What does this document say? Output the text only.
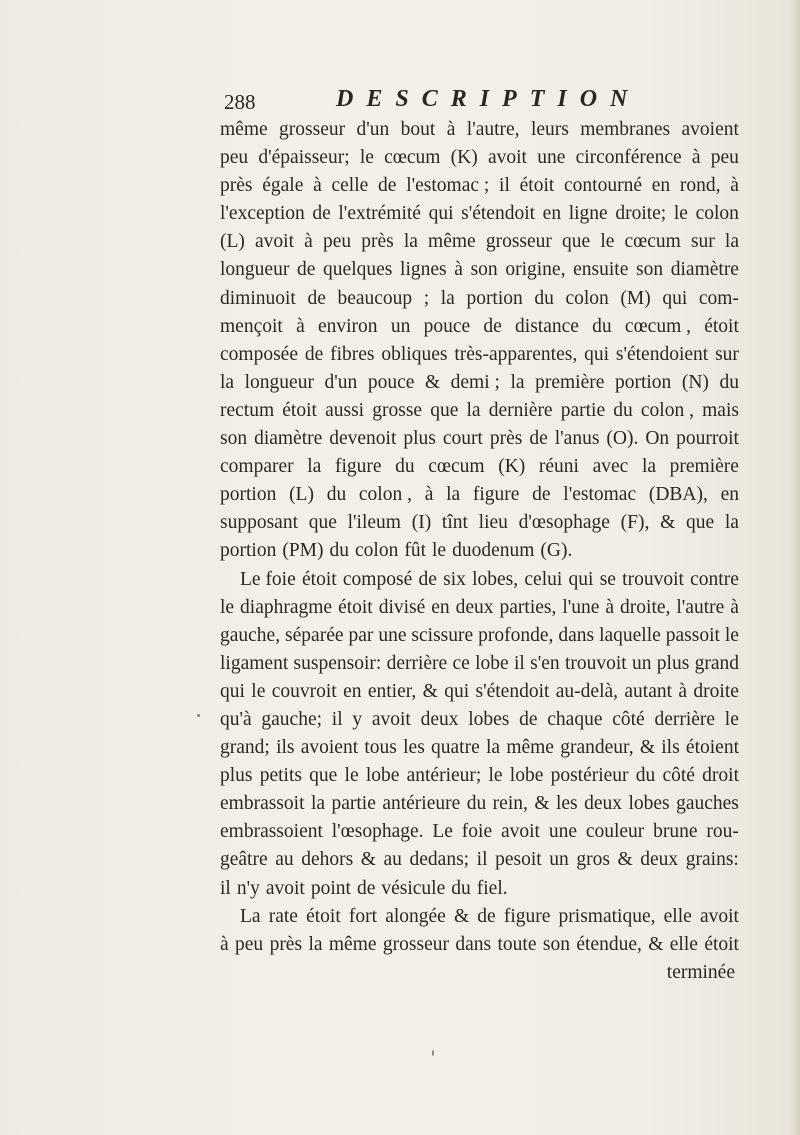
288	DESCRIPTION
même grosseur d'un bout à l'autre, leurs membranes avoient
peu d'épaisseur; le cœcum (K) avoit une circonférence à peu
près égale à celle de l'estomac ; il étoit contourné en rond, à
l'exception de l'extrémité qui s'étendoit en ligne droite; le colon
(L) avoit à peu près la même grosseur que le cœcum sur la
longueur de quelques lignes à son origine, ensuite son diamètre
diminuoit de beaucoup ; la portion du colon (M) qui com-
mençoit à environ un pouce de distance du cœcum , étoit
composée de fibres obliques très-apparentes, qui s'étendoient sur
la longueur d'un pouce & demi ; la première portion (N) du
rectum étoit aussi grosse que la dernière partie du colon , mais
son diamètre devenoit plus court près de l'anus (O). On pourroit
comparer la figure du cœcum (K) réuni avec la première
portion (L) du colon , à la figure de l'estomac (DBA), en
supposant que l'ileum (I) tînt lieu d'œsophage (F), & que la
portion (PM) du colon fût le duodenum (G).
Le foie étoit composé de six lobes, celui qui se trouvoit contre
le diaphragme étoit divisé en deux parties, l'une à droite, l'autre à
gauche, séparée par une scissure profonde, dans laquelle passoit le
ligament suspensoir: derrière ce lobe il s'en trouvoit un plus grand
qui le couvroit en entier, & qui s'étendoit au-delà, autant à droite
qu'à gauche; il y avoit deux lobes de chaque côté derrière le
grand; ils avoient tous les quatre la même grandeur, & ils étoient
plus petits que le lobe antérieur; le lobe postérieur du côté droit
embrassoit la partie antérieure du rein, & les deux lobes gauches
embrassoient l'œsophage. Le foie avoit une couleur brune rou-
geâtre au dehors & au dedans; il pesoit un gros & deux grains:
il n'y avoit point de vésicule du fiel.
La rate étoit fort alongée & de figure prismatique, elle avoit
à peu près la même grosseur dans toute son étendue, & elle étoit
terminée
